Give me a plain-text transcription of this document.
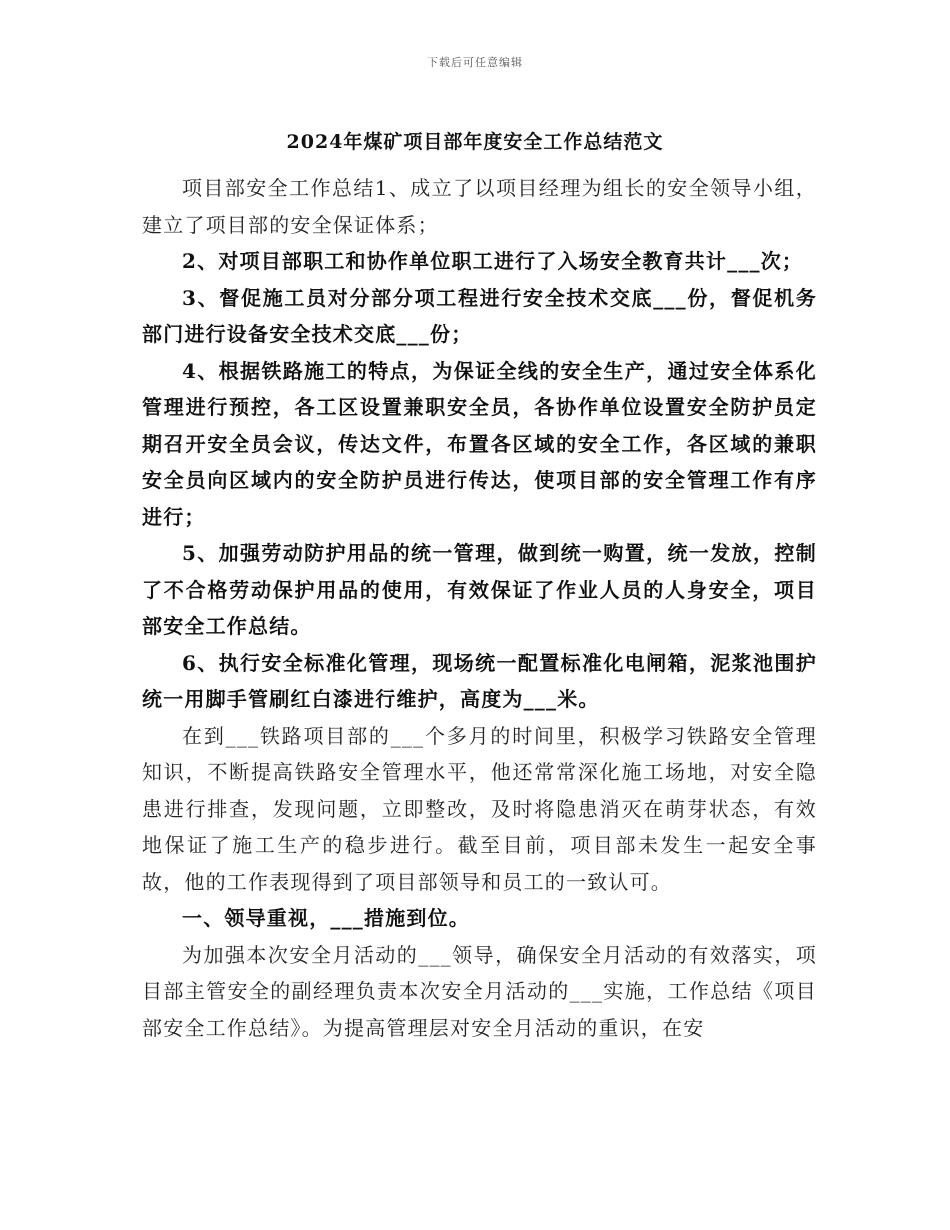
下载后可任意编辑
2024年煤矿项目部年度安全工作总结范文

项目部安全工作总结1、成立了以项目经理为组长的安全领导小组，建立了项目部的安全保证体系；

2、对项目部职工和协作单位职工进行了入场安全教育共计___次；

3、督促施工员对分部分项工程进行安全技术交底___份，督促机务部门进行设备安全技术交底___份；

4、根据铁路施工的特点，为保证全线的安全生产，通过安全体系化管理进行预控，各工区设置兼职安全员，各协作单位设置安全防护员定期召开安全员会议，传达文件，布置各区域的安全工作，各区域的兼职安全员向区域内的安全防护员进行传达，使项目部的安全管理工作有序进行；

5、加强劳动防护用品的统一管理，做到统一购置，统一发放，控制了不合格劳动保护用品的使用，有效保证了作业人员的人身安全，项目部安全工作总结。

6、执行安全标准化管理，现场统一配置标准化电闸箱，泥浆池围护统一用脚手管刷红白漆进行维护，高度为___米。

在到___铁路项目部的___个多月的时间里，积极学习铁路安全管理知识，不断提高铁路安全管理水平，他还常常深化施工场地，对安全隐患进行排查，发现问题，立即整改，及时将隐患消灭在萌芽状态，有效地保证了施工生产的稳步进行。截至目前，项目部未发生一起安全事故，他的工作表现得到了项目部领导和员工的一致认可。

一、领导重视，___措施到位。

为加强本次安全月活动的___领导，确保安全月活动的有效落实，项目部主管安全的副经理负责本次安全月活动的___实施，工作总结《项目部安全工作总结》。为提高管理层对安全月活动的重识，在安
